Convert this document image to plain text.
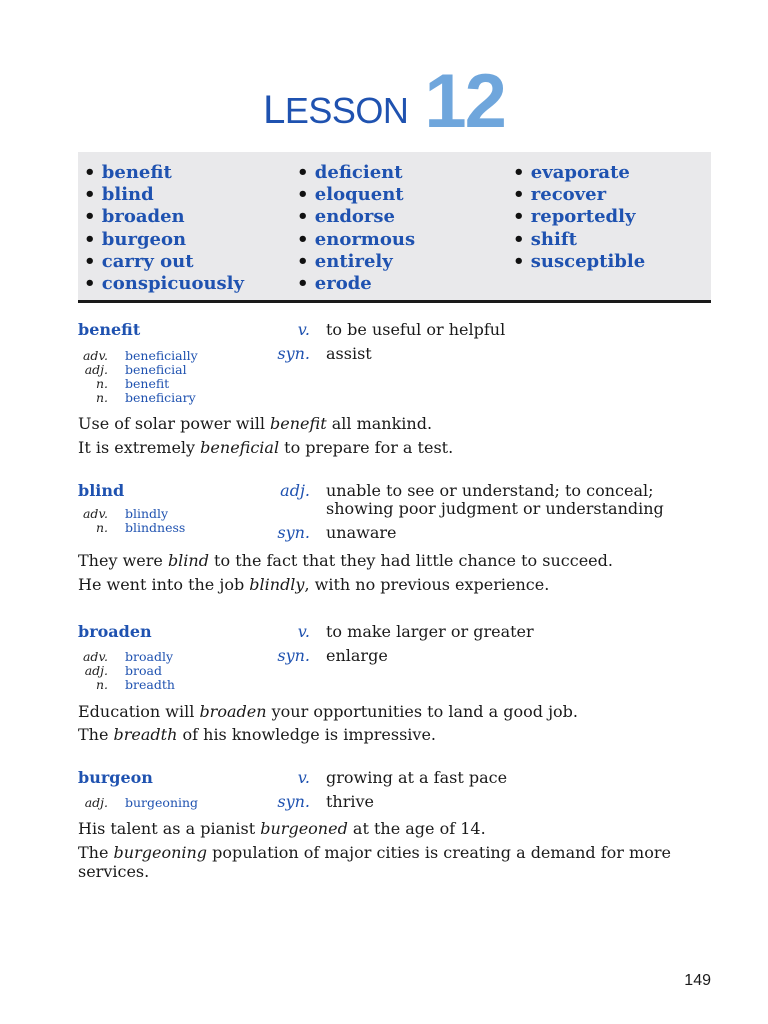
LESSON 12
• benefit
• blind
• broaden
• burgeon
• carry out
• conspicuously
• deficient
• eloquent
• endorse
• enormous
• entirely
• erode
• evaporate
• recover
• reportedly
• shift
• susceptible
benefit	v. to be useful or helpful
syn. assist
adv. beneficially
adj. beneficial
n. benefit
n. beneficiary
Use of solar power will benefit all mankind.
It is extremely beneficial to prepare for a test.
blind	adj. unable to see or understand; to conceal;
showing poor judgment or understanding
syn. unaware
adv. blindly
n. blindness
They were blind to the fact that they had little chance to succeed.
He went into the job blindly, with no previous experience.
broaden	v. to make larger or greater
syn. enlarge
adv. broadly
adj. broad
n. breadth
Education will broaden your opportunities to land a good job.
The breadth of his knowledge is impressive.
burgeon	v. growing at a fast pace
syn. thrive
adj. burgeoning
His talent as a pianist burgeoned at the age of 14.
The burgeoning population of major cities is creating a demand for more services.
149
